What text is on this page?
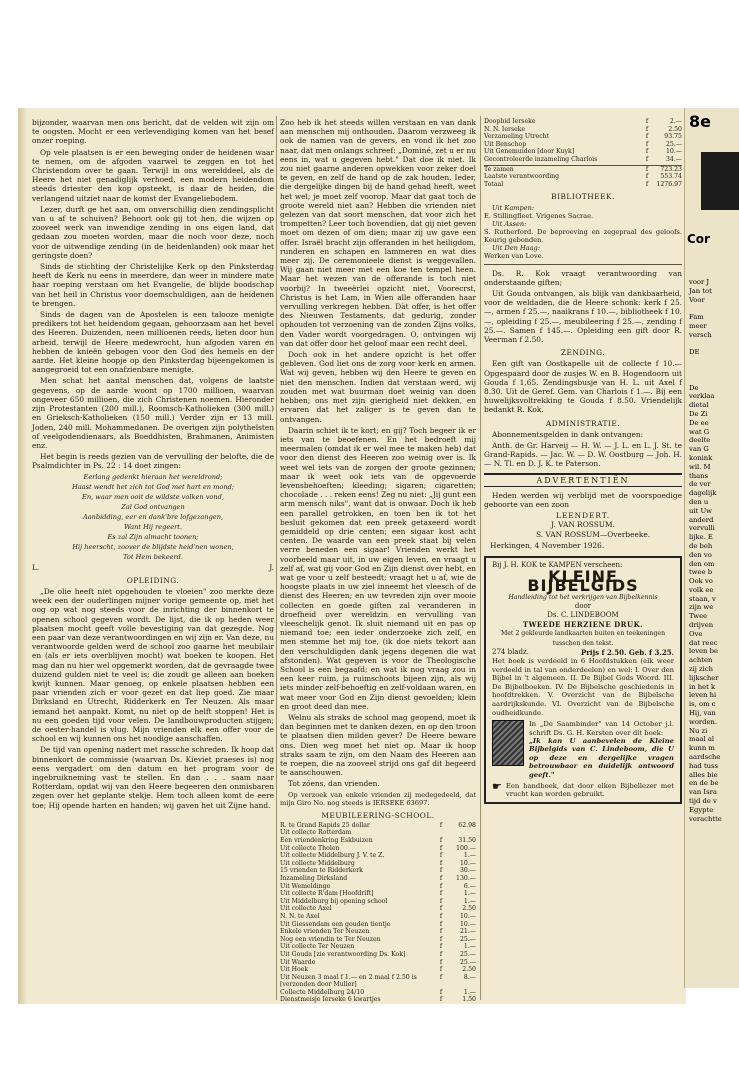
bijzonder, waarvan men ons bericht, dat de velden wit zijn om te oogsten. Mocht er een verlevendiging komen van het besef onzer roeping.

Op vele plaatsen is er een beweging onder de heidenen waar te nemen, om de afgoden vaarwel te zeggen en tot het Christendom over te gaan. Terwijl in ons werelddeel, als de Heere het niet genadiglijk verhoed, een modern heidendom steeds driester den kop opsteekt, is daar de heiden, die verlangend uitziet naar de komst der Evangeliebodem.

Lezer, durft ge het aan, om onverschillig dien zendingsplicht van u af te schuiven? Behoort ook gij tot hen, die wijzen op zooveel werk van inwendige zending in ons eigen land, dat gedaan zou moeten worden, maar die noch voor deze, noch voor de uitwendige zending (in de heidenlanden) ook maar het geringste doen?

Sinds de stichting der Christelijke Kerk op den Pinksterdag heeft de Kerk nu eens in meerdere, dan weer in mindere mate haar roeping verstaan om het Evangelie, de blijde boodschap van het heil in Christus voor doemschuldigen, aan de heidenen te brengen.

Sinds de dagen van de Apostelen is een talooze menigte predikers tot het heidendom gegaan, gehoorzaam aan het bevel des Heeren. Duizenden, neen millioenen reeds, lieten door hun arbeid, terwijl de Heere medewrocht, hun afgoden varen en hebben de knieën gebogen voor den God des hemels en der aarde. Het kleine hoopje op den Pinksterdag bijeengekomen is aangegroeid tot een onafzienbare menigte.

Men schat het aantal menschen dat, volgens de laatste gegevens, op de aarde woont op 1700 millioen, waarvan ongeveer 650 millioen, die zich Christenen noemen. Hieronder zijn Protestanten (200 mill.), Roomsch-Katholieken (300 mill.) en Grieksch-Katholieken (150 mill.) Verder zijn er 13 mill. Joden, 240 mill. Mohammedanen. De overigen zijn polytheïsten of veelgodendienaars, als Boeddhisten, Brahmanen, Animisten enz.

Het begin is reeds gezien van de vervulling der belofte, die de Psalmdichter in Ps. 22 : 14 doet zingen:

Eerlang gedenkt hieraan het wereldrond;

Haast wendt het zich tot God met hart en mond;

En, waar men ooit de wildste volken vond,

Zal God ontvangen

Aanbidding, eer en dank'bre lofgezangen,

Want Hij regeert.

Es zal Zijn almacht toonen;

Hij heerscht, zoover de blijdste heid'nen wonen,

Tot Hem bekeerd.

L.	J.
OPLEIDING.

„De olie heeft niet opgehouden te vloeien" zoo merkte deze week een der ouderlingen mijner vorige gemeente op, met het oog op wat nog steeds voor de inrichting der binnenkort te openen school gegeven wordt. De lijst, die ik op heden weer plaatsen mocht geeft volle bevestiging van dat gezegde. Nog een paar van deze verantwoordingen en wij zijn er. Van deze, nu verantwoorde gelden werd de school zoo gaarne het meubilair en (als er iets overblijven mocht) wat boeken te koopen. Het mag dan nu hier wel opgemerkt worden, dat de gevraagde twee duizend gulden niet te veel is; die zoudt ge alleen aan boeken kwijt kunnen. Maar genoeg, op enkele plaatsen hebben een paar vrienden zich er voor gezet en dat liep goed. Zie maar Dirksland en Utrecht, Ridderkerk en Ter Neuzen. Als maar iemand het aanpakt. Komt, nu niet op de helft stoppen! Het is nu een goeden tijd voor velen. De landbouwproducten stijgen; de oester-handel is vlug. Mijn vrienden elk een offer voor de school en wij kunnen ons het noodige aanschaffen.

De tijd van opening nadert met rassche schreden. Ik hoop dat binnenkort de commissie (waarvan Ds. Kieviet praeses is) nog eens vergadert om den datum en het program voor de ingebruikneming vast te stellen. En dan . . . saam naar Rotterdam, opdat wij van den Heere begeeren den onmisbaren zegen over het geplante stekje. Hem toch alleen komt de eere toe; Hij opende harten en handen; wij gaven het uit Zijne hand.

Zoo heb ik het steeds willen verstaan en van dank aan menschen mij onthouden. Daarom verzweeg ik ook de namen van de gevers, en vond ik het zoo naar, dat men onlangs schreef: „Dominé, zet u er nu eens in, wat u gegeven hebt." Dat doe ik niet. Ik zou niet gaarne anderen opwekken voor zeker doel te geven, en zelf de hand op de zak houden. Ieder, die dergelijke dingen bij de hand gehad heeft, weet het wel; je moet zelf voorop. Maar dat gaat toch de groote wereld niet aan? Hebben die vrienden niet gelezen van dat soort menschen, dat voor zich het trompetten? Leer toch bovendien, dat gij niet geven moet om dezen of om dien; maar zij uw gave een offer. Israël bracht zijn offeranden in het heiligdom, runderen en schapen en lammeren en wat dies meer zij. De ceremonieele dienst is weggevallen. Wij gaan niet meer met een koe ten tempel heen. Maar het wezen van de offerande is toch niet voorbij? In tweeërlei opzicht niet. Voorecrst, Christus is het Lam, in Wien alle offeranden haar vervulling verkregen hebben. Dàt offer, is het offer des Nieuwen Testaments, dat gedurig, zonder ophouden tot verzoening van de zonden Zijns volks, den Vader wordt voorgedragen. O, ontvingen wij van dat offer door het geloof maar een recht deel.

Doch ook in het andere opzicht is het offer gebleven. God liet ons de zorg voor kerk en armen. Wat wij geven, hebben wij den Heere te geven en niet den menschen. Indien dat verstaan werd, wij zouden met wat buurman doet weinig van doen hebben; ons met zijn gierigheid niet dekken, en ervaren dat het zaliger is te geven dan te ontvangen.

Daarin schiet ik te kort; en gij? Toch begeer ik er iets van te beoefenen. En het bedroeft mij meermalen (omdat ik er wel mee te maken heb) dat voor den dienst des Heeren zoo weinig over is. Ik weet wel iets van de zorgen der groote gezinnen; maar ik weet ook iets van de opgevoerde levensbehoeften; kleeding; sigaren; cigaretten; chocolade . . . reken eens! Zeg nu niet: „Jij gunt een arm mensch niks", want dat is onwaar. Doch ik heb een parallel getrokken, en toen ben ik tot het besluit gekomen dat een preek getaxeerd wordt gemiddeld op drie centen; een sigaar kost acht centen. De waarde van een preek staat bij velen verre beneden een sigaar! Vrienden werkt het voorbeeld maar uit, in uw eigen leven, en vraagt u zelf af, wat gij voor God en Zijn dienst over hebt, en wat ge voor u zelf besteedt; vraagt het u af, wie de hoogste plaats in uw ziel inneemt het vleesch of de dienst des Heeren; en uw tevreden zijn over mooie collecten en goede giften zal veranderen in droefheid over wereldzin en vervulling van vleeschelijk genot. Ik sluit niemand uit en pas op niemand toe; een ieder onderzoeke zich zelf, en men stemme het mij toe, (ik doe niets tekort aan den verschuldigden dank jegens degenen die wat afstonden). Wat gegeven is voor de Theologische School is een begaafd; en wat ik nog vraag zou in een keer ruim, ja ruimschoots bijeen zijn, als wij iets minder zelf-behoeftig en zelf-voldaan waren, en wat meer voor God en Zijn dienst gevoelden; klein en groot deed dan mee.

Welnu als straks de school mag geopend, moet ik dan beginnen met te danken dezen, en op den troon te plaatsen dien milden gever? De Heere beware ons. Dien weg moet het niet op. Maar ik hoop straks saam te zijn, om den Naam des Heeren aan te roepen, die na zooveel strijd ons gaf dit begeerd te aanschouwen.

Tot zóens, dan vrienden.

Op verzoek van enkele vrienden zij medegedeeld, dat mijn Giro No. nog steeds is IERSEKE 63697.

MEUBILEERING-SCHOOL.
R. te Grand Rapids 25 dollar	f	62.98
Uit collecte Rotterdam
Een vriendenkring Eskbuizen	f	31.50
Uit collecte Tholen	f	100.—
Uit collecte Middelburg J. V. te Z.	f	1.—
Uit collecte Middelburg	f	10.—
15 vrienden te Ridderkerk	f	30.—
Inzameling Dirksland	f	130.—
Uit Wemeldinge	f	6.—
Uit collecte R'dam [Hoofdrift]	f	1.—
Uit Middelburg bij opening school	f	1.—
Uit collecte Axel	f	2.50
N. N. te Axel	f	10.—
Uit Giessendam een gouden tientje	f	10.—
Enkele vrienden Ter Neuzen	f	21.—
Nog een vriendin te Ter Neuzen	f	25.—
Uit collecte Ter Neuzen	f	1.—
Uit Gouda [zie verantwoording Ds. Kok]	f	25.—
Uit Waarde	f	25.—
Uit Hoek	f	2.50
Uit Neuzen 3 maal f 1.— en 2 maal f 2.50 is	f	8.—
[verzonden door Muller]
Collecte Middelburg 24/10	f	1.—
Dienstmeisje Ierseke 6 kwartjes	f	1.50
Doopbid Ierseke	f	2.—
N. N. Ierseke	f	2.50
Verzameling Utrecht	f	93.75
Uit Benschop	f	25.—
Uit Genemuiden [door Kuyk]	f	10.—
Gecontroleerde inzameling Charlois	f	34.—
Te zamen	f	723.23
Laatste verantwoording	f	553.74
Totaal	f	1276.97
BIBLIOTHEEK.
Uit Kampen:
E. Stillingfleet. Vrigenes Sacrae.
Uit Assen:
S. Rutherford. De beproeving en zegepraal des geloofs. Keurig gebonden.
Uit Den Haag:
Werken van Love.

Ds. R. Kok vraagt verantwoording van onderstaande giften;

Uit Gouda ontvangen, als blijk van dankbaarheid, voor de weldaden, die de Heere schonk: kerk f 25.—, armen f 25.—, naaikrans f 10.—, bibliotheek f 10.—, opleiding f 25.—, meubileering f 25.—, zending f 25.—. Samen f 145.—. Opleiding een gift door R. Veerman f 2.50.

ZENDING.

Een gift van Oostkapelle uit de collecte f 10.— Opgespaard door de zusjes W. en B. Hogendoorn uit Gouda f 1,65. Zendingsbusje van H. L. uit Axel f 8.30. Uit de Geref. Gem. van Charlois f 1.—. Bij een huwelijksvoltrekking te Gouda f 8.50. Vriendelijk bedankt R. Kok.

ADMINISTRATIE.

Abonnementsgelden in dank ontvangen:

Anth. de Gr. Harveij — H. W. — J. L. en L. J. St. te Grand-Rapids. — Jac. W. — D. W. Oostburg — Joh. H. — N. Tl. en D. J. K. te Paterson.

ADVERTENTIËN

Heden werden wij verblijd met de voorspoedige geboorte van een zoon

LEENDERT.
J. VAN ROSSUM.
S. VAN ROSSUM—Overbeeke.
Herkingen, 4 November 1926.
Bij J. H. KOK te KAMPEN verscheen:
KLEINE BIJBELGIDS
Handleiding tot het verkrijgen van Bijbelkennis
door
Ds. C. LINDEBOOM
TWEEDE HERZIENE DRUK.
Met 2 gekleurde landkaarten buiten en teekeningen tusschen den tekst.
274 bladz.	Prijs f 2.50. Geb. f 3.25.
Het boek is verdeeld in 6 Hoofdstukken (elk weer verdeeld in tal van onderdeelen) en wel: I. Over den Bijbel in 't algemeen. II. De Bijbel Gods Woord. III. De Bijbelboeken. IV. De Bijbelsche geschiedenis in hoofdtrekken. V. Overzicht van de Bijbelsche aardrijkskunde. VI. Overzicht van de Bijbelsche oudheidkunde.
In „De Saambinder" van 14 October j.l. schrift Ds. G. H. Kersten over dit boek:
„Ik kan U aanbevelen de Kleine Bijbelgids van C. Lindeboom, die U op deze en dergelijke vragen betrouwbaar en duidelijk antwoord geeft."
☛ Een handboek, dat door elken Bijbellezer met vrucht kan worden gebruikt.
8e
Cor
voor J
Jan tot
Voor

Fam
meer
versch

DE

De
verklaa
dietal
De Zi
De ee
wat G
deelte
van G
konink
wil. M
thans
de ver
dagelijk
den u
uit Uw
anderd
vervulli
lijke. E
de beh
den vo
den om
twee b
Ook vo
volk ee
staan, v
zijn we
Twee
drijven
Ove
dat reec
leven be
achten
zij zich
lijkscher
in het k
leven hi
is, om c
Hij, van
worden.
Nu zi
maal al
kunn m
aardsche
had tuss
alles bie
en de be
van Isra
tijd de v
Egypte
verachtte
